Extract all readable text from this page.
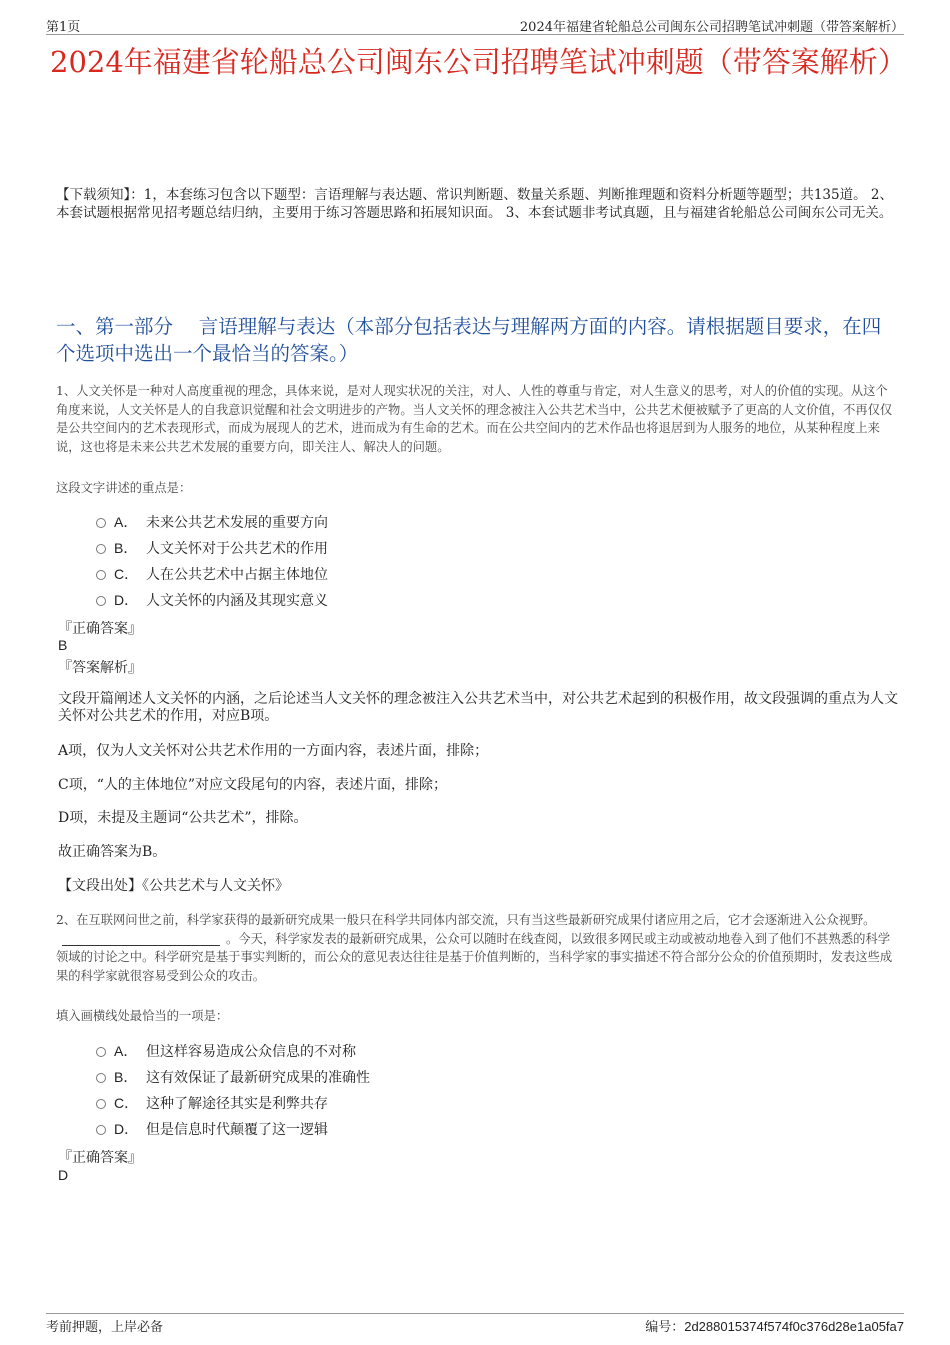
第1页	2024年福建省轮船总公司闽东公司招聘笔试冲刺题（带答案解析）
2024年福建省轮船总公司闽东公司招聘笔试冲刺题（带答案解析）
【下载须知】：1，本套练习包含以下题型：言语理解与表达题、常识判断题、数量关系题、判断推理题和资料分析题等题型；共135道。 2、本套试题根据常见招考题总结归纳，主要用于练习答题思路和拓展知识面。 3、本套试题非考试真题，且与福建省轮船总公司闽东公司无关。
一、第一部分　 言语理解与表达（本部分包括表达与理解两方面的内容。请根据题目要求，在四个选项中选出一个最恰当的答案。）
1、人文关怀是一种对人高度重视的理念，具体来说，是对人现实状况的关注，对人、人性的尊重与肯定，对人生意义的思考，对人的价值的实现。从这个角度来说，人文关怀是人的自我意识觉醒和社会文明进步的产物。当人文关怀的理念被注入公共艺术当中，公共艺术便被赋予了更高的人文价值，不再仅仅是公共空间内的艺术表现形式，而成为展现人的艺术，进而成为有生命的艺术。而在公共空间内的艺术作品也将退居到为人服务的地位，从某种程度上来说，这也将是未来公共艺术发展的重要方向，即关注人、解决人的问题。
这段文字讲述的重点是：
A． 未来公共艺术发展的重要方向
B． 人文关怀对于公共艺术的作用
C． 人在公共艺术中占据主体地位
D． 人文关怀的内涵及其现实意义
『正确答案』
B
『答案解析』
文段开篇阐述人文关怀的内涵，之后论述当人文关怀的理念被注入公共艺术当中，对公共艺术起到的积极作用，故文段强调的重点为人文关怀对公共艺术的作用，对应B项。
A项，仅为人文关怀对公共艺术作用的一方面内容，表述片面，排除；
C项，“人的主体地位”对应文段尾句的内容，表述片面，排除；
D项，未提及主题词“公共艺术”，排除。
故正确答案为B。
【文段出处】《公共艺术与人文关怀》
2、在互联网问世之前，科学家获得的最新研究成果一般只在科学共同体内部交流，只有当这些最新研究成果付诸应用之后，它才会逐渐进入公众视野。。今天，科学家发表的最新研究成果，公众可以随时在线查阅，以致很多网民或主动或被动地卷入到了他们不甚熟悉的科学领域的讨论之中。科学研究是基于事实判断的，而公众的意见表达往往是基于价值判断的，当科学家的事实描述不符合部分公众的价值预期时，发表这些成果的科学家就很容易受到公众的攻击。
填入画横线处最恰当的一项是：
A． 但这样容易造成公众信息的不对称
B． 这有效保证了最新研究成果的准确性
C． 这种了解途径其实是利弊共存
D． 但是信息时代颠覆了这一逻辑
『正确答案』
D
考前押题，上岸必备	编号：2d288015374f574f0c376d28e1a05fa7
